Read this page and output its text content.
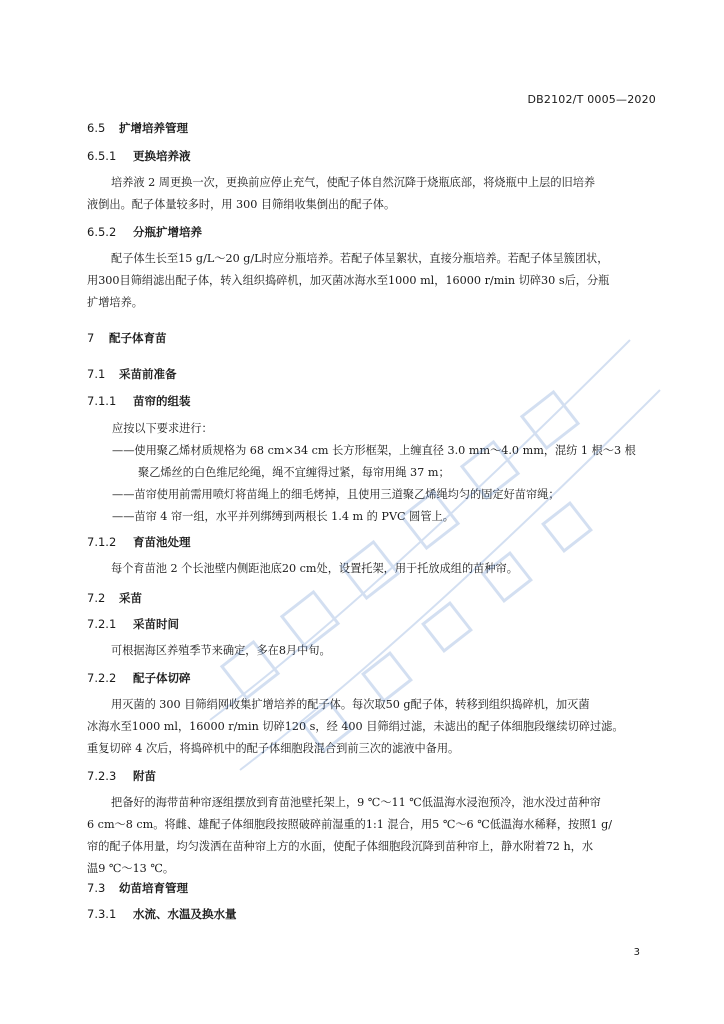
DB2102/T 0005—2020
6.5 扩增培养管理
6.5.1 更换培养液
培养液 2 周更换一次，更换前应停止充气，使配子体自然沉降于烧瓶底部，将烧瓶中上层的旧培养
液倒出。配子体量较多时，用 300 目筛绢收集倒出的配子体。
6.5.2 分瓶扩增培养
配子体生长至15 g/L～20 g/L时应分瓶培养。若配子体呈絮状，直接分瓶培养。若配子体呈簇团状，
用300目筛绢滤出配子体，转入组织捣碎机，加灭菌冰海水至1000 ml，16000 r/min 切碎30 s后，分瓶
扩增培养。
7 配子体育苗
7.1 采苗前准备
7.1.1 苗帘的组装
应按以下要求进行：
——使用聚乙烯材质规格为 68 cm×34 cm 长方形框架，上缠直径 3.0 mm～4.0 mm，混纺 1 根～3 根
聚乙烯丝的白色维尼纶绳，绳不宜缠得过紧，每帘用绳 37 m；
——苗帘使用前需用喷灯将苗绳上的细毛烤掉，且使用三道聚乙烯绳均匀的固定好苗帘绳；
——苗帘 4 帘一组，水平并列绑缚到两根长 1.4 m 的 PVC 圆管上。
7.1.2 育苗池处理
每个育苗池 2 个长池壁内侧距池底20 cm处，设置托架，用于托放成组的苗种帘。
7.2 采苗
7.2.1 采苗时间
可根据海区养殖季节来确定，多在8月中旬。
7.2.2 配子体切碎
用灭菌的 300 目筛绢网收集扩增培养的配子体。每次取50 g配子体，转移到组织捣碎机，加灭菌
冰海水至1000 ml，16000 r/min 切碎120 s，经 400 目筛绢过滤，未滤出的配子体细胞段继续切碎过滤。
重复切碎 4 次后，将捣碎机中的配子体细胞段混合到前三次的滤液中备用。
7.2.3 附苗
把备好的海带苗种帘逐组摆放到育苗池壁托架上，9 ℃～11 ℃低温海水浸泡预冷，池水没过苗种帘
6 cm～8 cm。将雌、雄配子体细胞段按照破碎前湿重的1:1 混合，用5 ℃～6 ℃低温海水稀释，按照1 g/
帘的配子体用量，均匀泼洒在苗种帘上方的水面，使配子体细胞段沉降到苗种帘上，静水附着72 h，水
温9 ℃～13 ℃。
7.3 幼苗培育管理
7.3.1 水流、水温及换水量
3
